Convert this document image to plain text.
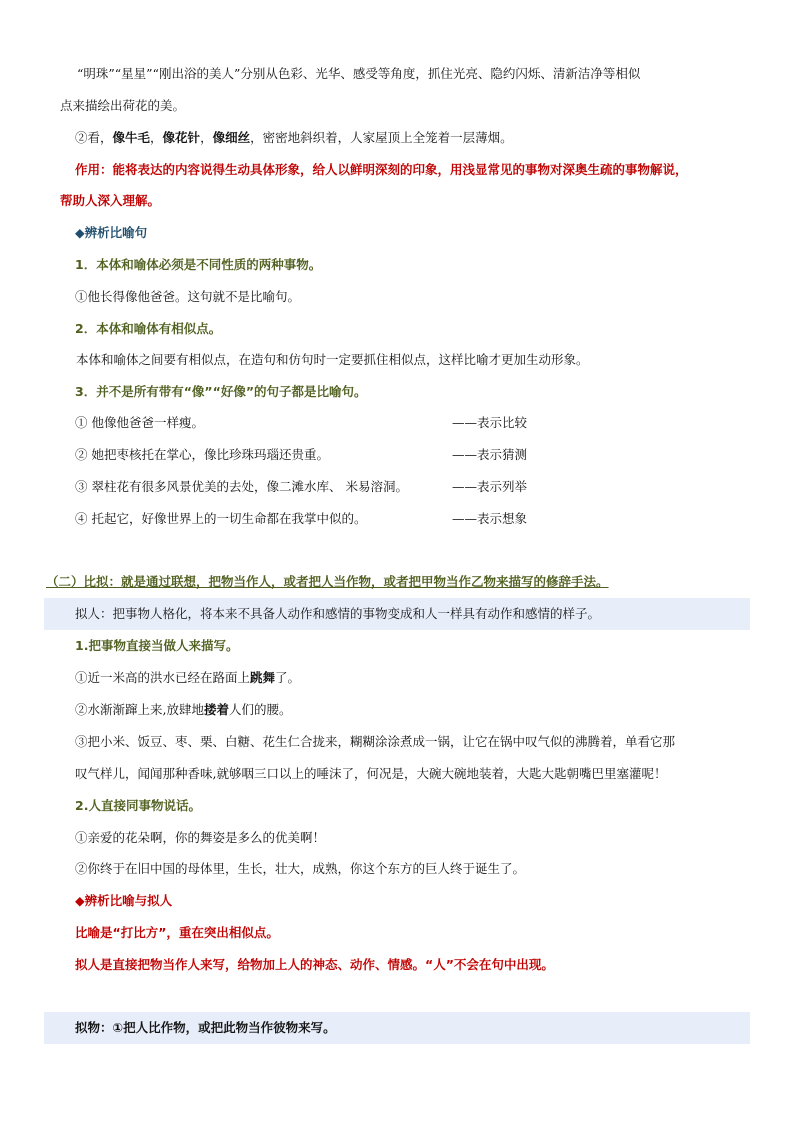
“明珠”“星星”“刚出浴的美人”分别从色彩、光华、感受等角度，抓住光亮、隐约闪烁、清新洁净等相似
点来描绘出荷花的美。
②看，像牛毛，像花针，像细丝，密密地斜织着，人家屋顶上全笼着一层薄烟。
作用：能将表达的内容说得生动具体形象，给人以鲜明深刻的印象，用浅显常见的事物对深奥生疏的事物解说，
帮助人深入理解。
◆辨析比喻句
1．本体和喻体必须是不同性质的两种事物。
①他长得像他爸爸。这句就不是比喻句。
2．本体和喻体有相似点。
本体和喻体之间要有相似点，在造句和仿句时一定要抓住相似点，这样比喻才更加生动形象。
3．并不是所有带有“像”“好像”的句子都是比喻句。
① 他像他爸爸一样瘦。	——表示比较
② 她把枣核托在掌心，像比珍珠玛瑙还贵重。	——表示猜测
③ 翠柱花有很多风景优美的去处，像二滩水库、 米易溶洞。	——表示列举
④ 托起它，好像世界上的一切生命都在我掌中似的。	——表示想象
（二）比拟：就是通过联想，把物当作人，或者把人当作物，或者把甲物当作乙物来描写的修辞手法。
拟人：把事物人格化，将本来不具备人动作和感情的事物变成和人一样具有动作和感情的样子。
1.把事物直接当做人来描写。
①近一米高的洪水已经在路面上跳舞了。
②水渐渐蹿上来,放肆地搂着人们的腰。
③把小米、饭豆、枣、栗、白糖、花生仁合拢来，糊糊涂涂煮成一锅，让它在锅中叹气似的沸腾着，单看它那
叹气样儿，闻闻那种香味,就够咽三口以上的唾沫了，何况是，大碗大碗地装着，大匙大匙朝嘴巴里塞灌呢！
2.人直接同事物说话。
①亲爱的花朵啊，你的舞姿是多么的优美啊！
②你终于在旧中国的母体里，生长，壮大，成熟，你这个东方的巨人终于诞生了。
◆辨析比喻与拟人
比喻是“打比方”，重在突出相似点。
拟人是直接把物当作人来写，给物加上人的神态、动作、情感。“人”不会在句中出现。
拟物：①把人比作物，或把此物当作彼物来写。
